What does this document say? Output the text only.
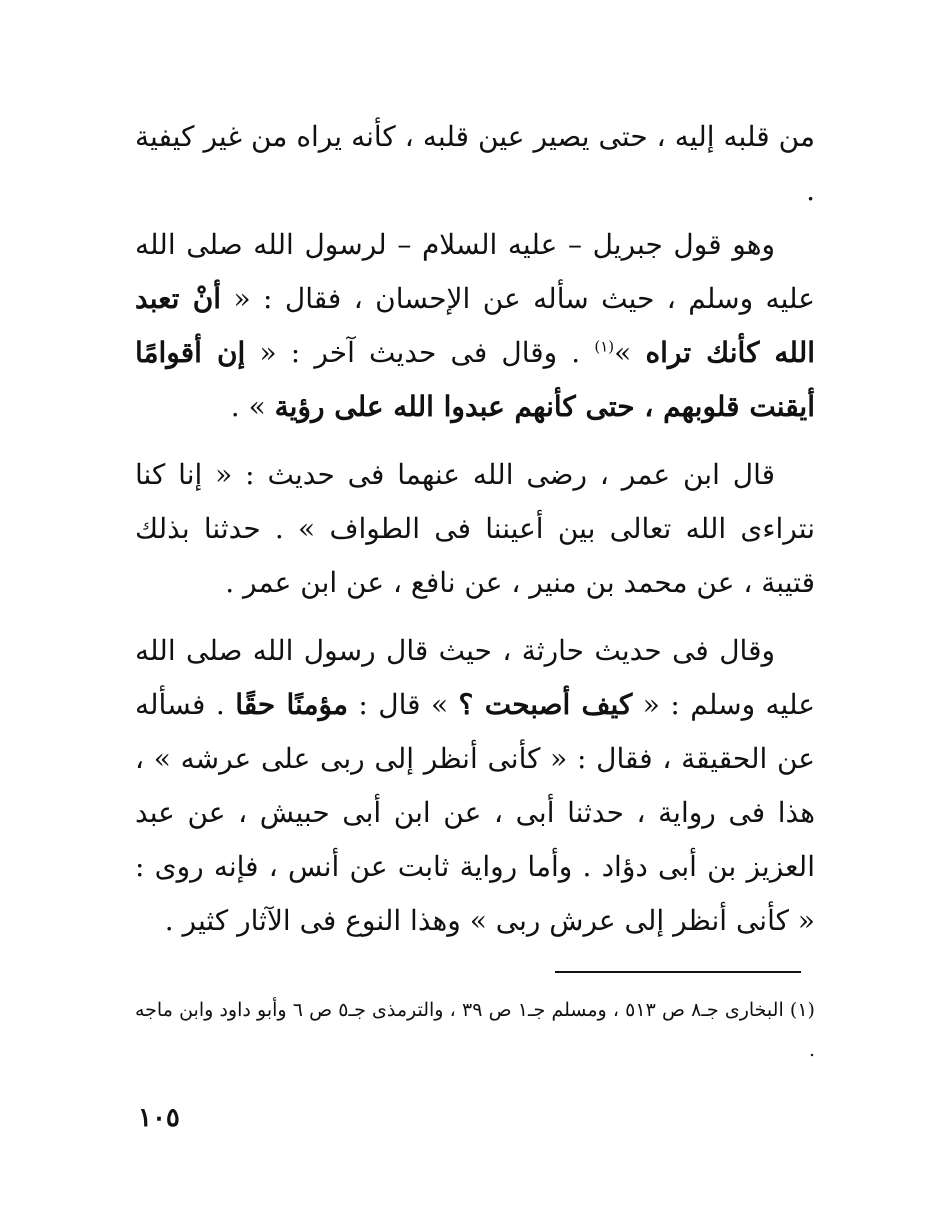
من قلبه إليه ، حتى يصير عين قلبه ، كأنه يراه من غير كيفية .

وهو قول جبريل – عليه السلام – لرسول الله صلى الله عليه وسلم ، حيث سأله عن الإحسان ، فقال : « أنْ تعبد الله كأنك تراه »$^{(١)}$ . وقال فى حديث آخر : « إن أقوامًا أيقنت قلوبهم ، حتى كأنهم عبدوا الله على رؤية » .

قال ابن عمر ، رضى الله عنهما فى حديث : « إنا كنا نتراءى الله تعالى بين أعيننا فى الطواف » . حدثنا بذلك قتيبة ، عن محمد بن منير ، عن نافع ، عن ابن عمر .

وقال فى حديث حارثة ، حيث قال رسول الله صلى الله عليه وسلم : « كيف أصبحت ؟ » قال : مؤمنًا حقًا . فسأله عن الحقيقة ، فقال : « كأنى أنظر إلى ربى على عرشه » ، هذا فى رواية ، حدثنا أبى ، عن ابن أبى حبيش ، عن عبد العزيز بن أبى دؤاد . وأما رواية ثابت عن أنس ، فإنه روى : « كأنى أنظر إلى عرش ربى » وهذا النوع فى الآثار كثير .

(١) البخارى جـ٨ ص ٥١٣ ، ومسلم جـ١ ص ٣٩ ، والترمذى جـ٥ ص ٦ وأبو داود وابن ماجه .
١٠٥
